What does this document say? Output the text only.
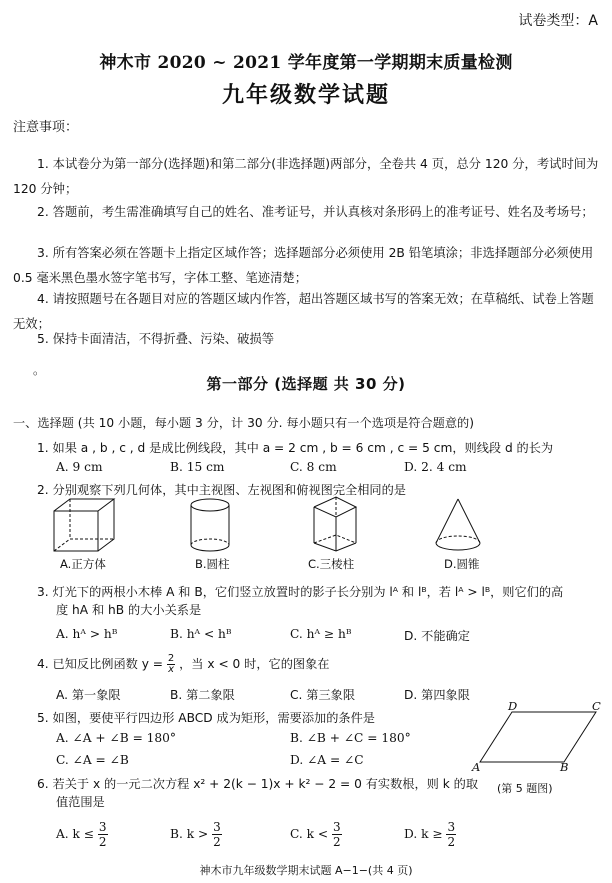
试卷类型：A
神木市 2020 ~ 2021 学年度第一学期期末质量检测
九年级数学试题
注意事项：
1. 本试卷分为第一部分(选择题)和第二部分(非选择题)两部分，全卷共 4 页，总分 120 分，考试时间为 120 分钟；
2. 答题前，考生需准确填写自己的姓名、准考证号，并认真核对条形码上的准考证号、姓名及考场号；
3. 所有答案必须在答题卡上指定区域作答；选择题部分必须使用 2B 铅笔填涂；非选择题部分必须使用 0.5 毫米黑色墨水签字笔书写，字体工整、笔迹清楚；
4. 请按照题号在各题目对应的答题区域内作答，超出答题区域书写的答案无效；在草稿纸、试卷上答题无效；
5. 保持卡面清洁，不得折叠、污染、破损等
。
第一部分 (选择题 共 30 分)
一、选择题 (共 10 小题，每小题 3 分，计 30 分. 每小题只有一个选项是符合题意的)
1. 如果 a , b , c , d 是成比例线段，其中 a = 2 cm , b = 6 cm , c = 5 cm，则线段 d 的长为
A. 9 cm	B. 15 cm	C. 8 cm	D. 2. 4 cm
2. 分别观察下列几何体，其中主视图、左视图和俯视图完全相同的是
A.正方体	B.圆柱	C.三棱柱	D.圆锥
3. 灯光下的两根小木棒 A 和 B，它们竖立放置时的影子长分别为 lᴬ 和 lᴮ，若 lᴬ > lᴮ，则它们的高
度 hA 和 hB 的大小关系是
A. hᴬ > hᴮ	B. hᴬ < hᴮ	C. hᴬ ≥ hᴮ	D. 不能确定
4. 已知反比例函数 $y = \frac{2}{x}$ ，当 x < 0 时，它的图象在
A. 第一象限	B. 第二象限	C. 第三象限	D. 第四象限
5. 如图，要使平行四边形 ABCD 成为矩形，需要添加的条件是
A. ∠A + ∠B = 180°	B. ∠B + ∠C = 180°
C. ∠A = ∠B	D. ∠A = ∠C
D	C
A	B
(第 5 题图)
6. 若关于 x 的一元二次方程 x² + 2(k − 1)x + k² − 2 = 0 有实数根，则 k 的取
值范围是
A. $k \le \frac{3}{2}$	B. $k > \frac{3}{2}$	C. $k < \frac{3}{2}$	D. $k \ge \frac{3}{2}$
神木市九年级数学期末试题 A−1−(共 4 页)
